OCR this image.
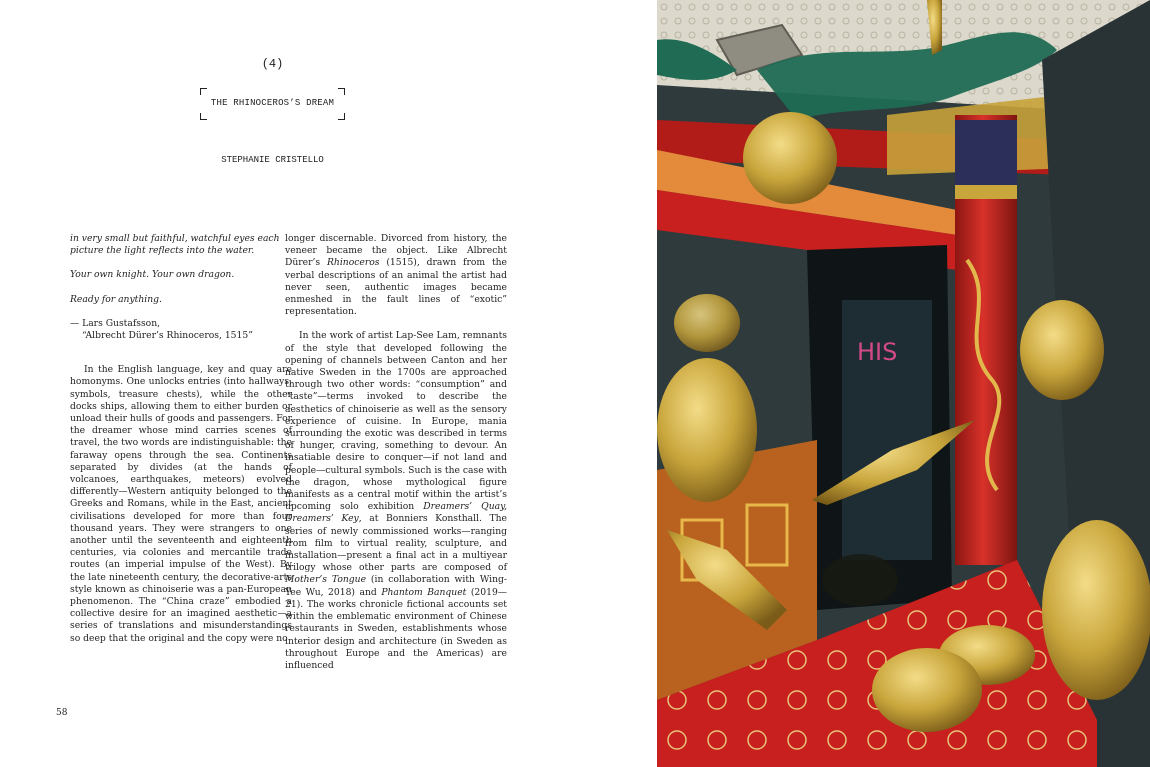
(4)
THE RHINOCEROS’S DREAM
STEPHANIE CRISTELLO

in very small but faithful, watchful eyes each picture the light reflects into the water.

Your own knight. Your own dragon.

Ready for anything.

— Lars Gustafsson,

“Albrecht Dürer’s Rhinoceros, 1515”

In the English language, key and quay are homonyms. One unlocks entries (into hallways, symbols, treasure chests), while the other docks ships, allowing them to either burden or unload their hulls of goods and passengers. For the dreamer whose mind carries scenes of travel, the two words are indistinguishable: the faraway opens through the sea. Continents separated by divides (at the hands of volcanoes, earthquakes, meteors) evolved differently—Western antiquity belonged to the Greeks and Romans, while in the East, ancient civilisations developed for more than four thousand years. They were strangers to one another until the seventeenth and eighteenth centuries, via colonies and mercantile trade routes (an imperial impulse of the West). By the late nineteenth century, the decorative-arts style known as chinoiserie was a pan-European phenomenon. The “China craze” embodied a collective desire for an imagined aesthetic—a series of translations and misunderstandings so deep that the original and the copy were no

longer discernable. Divorced from history, the veneer became the object. Like Albrecht Dürer’s Rhinoceros (1515), drawn from the verbal descriptions of an animal the artist had never seen, authentic images became enmeshed in the fault lines of “exotic” representation.

In the work of artist Lap-See Lam, remnants of the style that developed following the opening of channels between Canton and her native Sweden in the 1700s are approached through two other words: “consumption” and “taste”—terms invoked to describe the aesthetics of chinoiserie as well as the sensory experience of cuisine. In Europe, mania surrounding the exotic was described in terms of hunger, craving, something to devour. An insatiable desire to conquer—if not land and people—cultural symbols. Such is the case with the dragon, whose mythological figure manifests as a central motif within the artist’s upcoming solo exhibition Dreamers’ Quay, Dreamers’ Key, at Bonniers Konsthall. The series of newly commissioned works—ranging from film to virtual reality, sculpture, and installation—present a final act in a multiyear trilogy whose other parts are composed of Mother’s Tongue (in collaboration with Wing-Yee Wu, 2018) and Phantom Banquet (2019—21). The works chronicle fictional accounts set within the emblematic environment of Chinese restaurants in Sweden, establishments whose interior design and architecture (in Sweden as throughout Europe and the Americas) are influenced

58
HIS
